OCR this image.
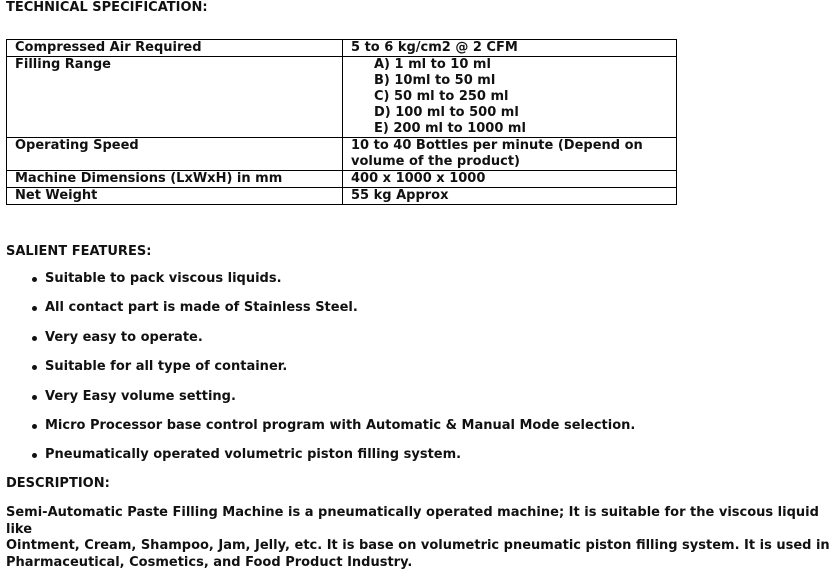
TECHNICAL SPECIFICATION:
Compressed Air Required	5 to 6 kg/cm2 @ 2 CFM
Filling Range	A) 1 ml to 10 ml
B) 10ml to 50 ml
C) 50 ml to 250 ml
D) 100 ml to 500 ml
E) 200 ml to 1000 ml

Operating Speed	10 to 40 Bottles per minute (Depend on
volume of the product)

Machine Dimensions (LxWxH) in mm	400 x 1000 x 1000
Net Weight	55 kg Approx
SALIENT FEATURES:
Suitable to pack viscous liquids.
All contact part is made of Stainless Steel.
Very easy to operate.
Suitable for all type of container.
Very Easy volume setting.
Micro Processor base control program with Automatic & Manual Mode selection.
Pneumatically operated volumetric piston filling system.
DESCRIPTION:
Semi-Automatic Paste Filling Machine is a pneumatically operated machine; It is suitable for the viscous liquid like
Ointment, Cream, Shampoo, Jam, Jelly, etc. It is base on volumetric pneumatic piston filling system. It is used in
Pharmaceutical, Cosmetics, and Food Product Industry.
